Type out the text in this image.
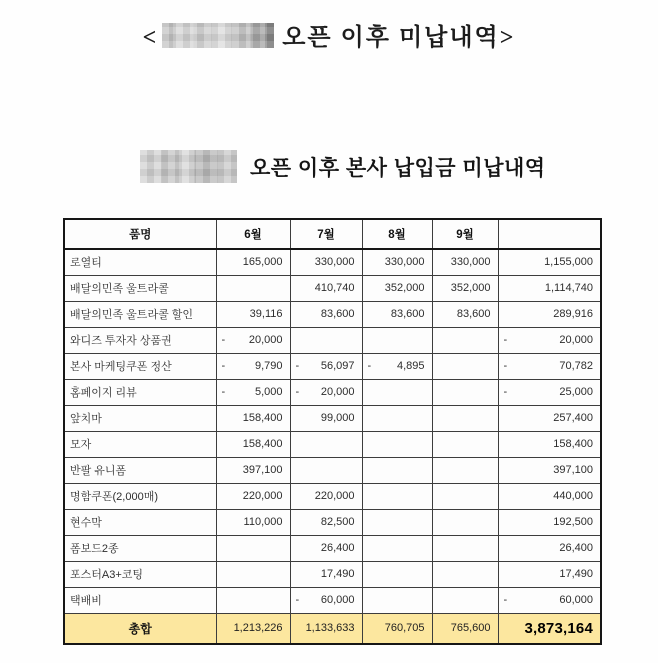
<	오픈 이후 미납내역>
오픈 이후 본사 납입금 미납내역
품명	6월	7월	8월	9월	
로열티	165,000	330,000	330,000	330,000	1,155,000
배달의민족 울트라콜		410,740	352,000	352,000	1,114,740
배달의민족 울트라콜 할인	39,116	83,600	83,600	83,600	289,916
와디즈 투자자 상품권	- 20,000				- 20,000
본사 마케팅쿠폰 정산	- 9,790	- 56,097	- 4,895		- 70,782
홈페이지 리뷰	- 5,000	- 20,000			- 25,000
앞치마	158,400	99,000			257,400
모자	158,400				158,400
반팔 유니폼	397,100				397,100
명함쿠폰(2,000매)	220,000	220,000			440,000
현수막	110,000	82,500			192,500
폼보드2종		26,400			26,400
포스터A3+코팅		17,490			17,490
택배비		- 60,000			- 60,000
총합	1,213,226	1,133,633	760,705	765,600	3,873,164
